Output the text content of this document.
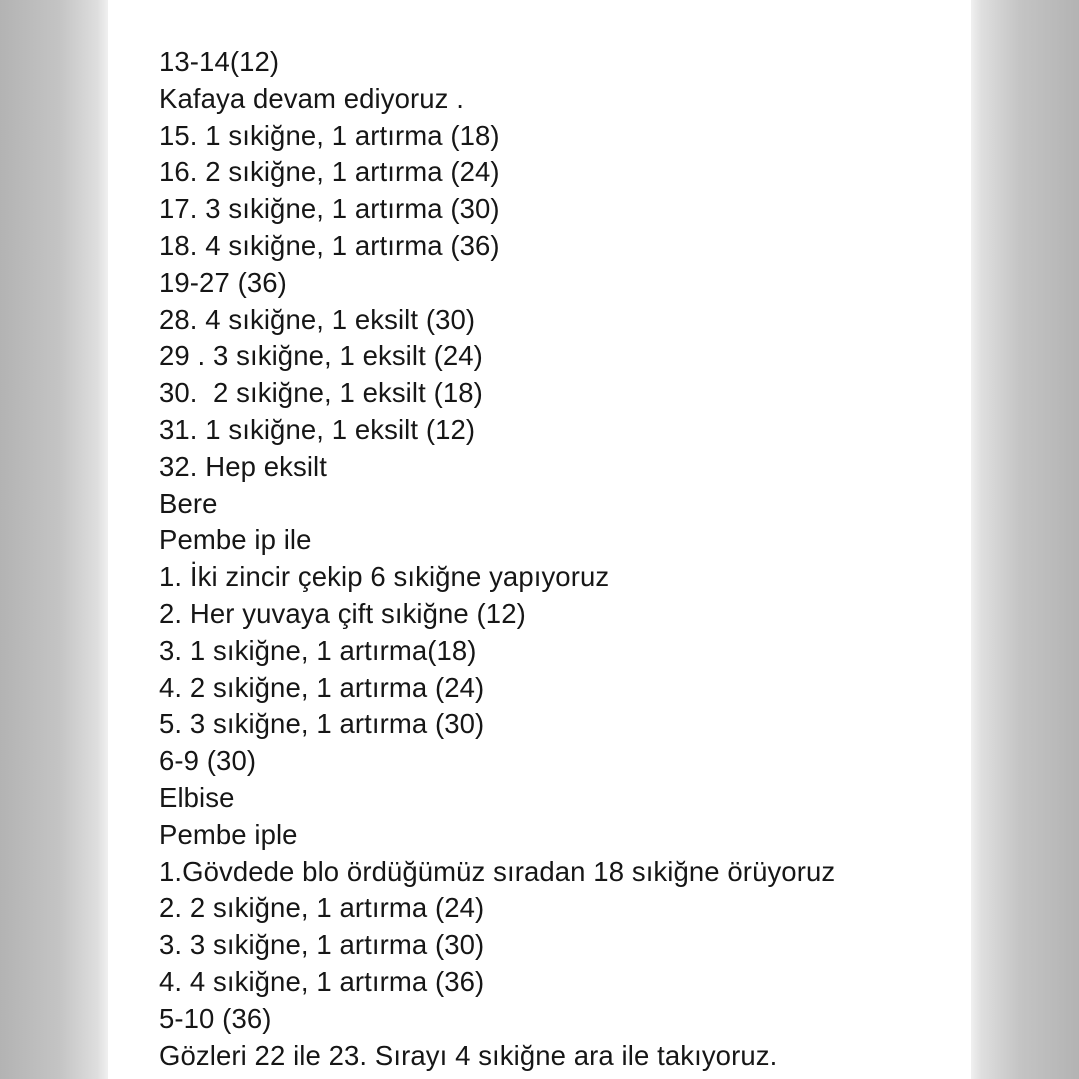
13-14(12)
Kafaya devam ediyoruz .
15. 1 sıkiğne, 1 artırma (18)
16. 2 sıkiğne, 1 artırma (24)
17. 3 sıkiğne, 1 artırma (30)
18. 4 sıkiğne, 1 artırma (36)
19-27 (36)
28. 4 sıkiğne, 1 eksilt (30)
29 . 3 sıkiğne, 1 eksilt (24)
30.  2 sıkiğne, 1 eksilt (18)
31. 1 sıkiğne, 1 eksilt (12)
32. Hep eksilt
Bere
Pembe ip ile
1. İki zincir çekip 6 sıkiğne yapıyoruz
2. Her yuvaya çift sıkiğne (12)
3. 1 sıkiğne, 1 artırma(18)
4. 2 sıkiğne, 1 artırma (24)
5. 3 sıkiğne, 1 artırma (30)
6-9 (30)
Elbise
Pembe iple
1.Gövdede blo ördüğümüz sıradan 18 sıkiğne örüyoruz
2. 2 sıkiğne, 1 artırma (24)
3. 3 sıkiğne, 1 artırma (30)
4. 4 sıkiğne, 1 artırma (36)
5-10 (36)
Gözleri 22 ile 23. Sırayı 4 sıkiğne ara ile takıyoruz.
